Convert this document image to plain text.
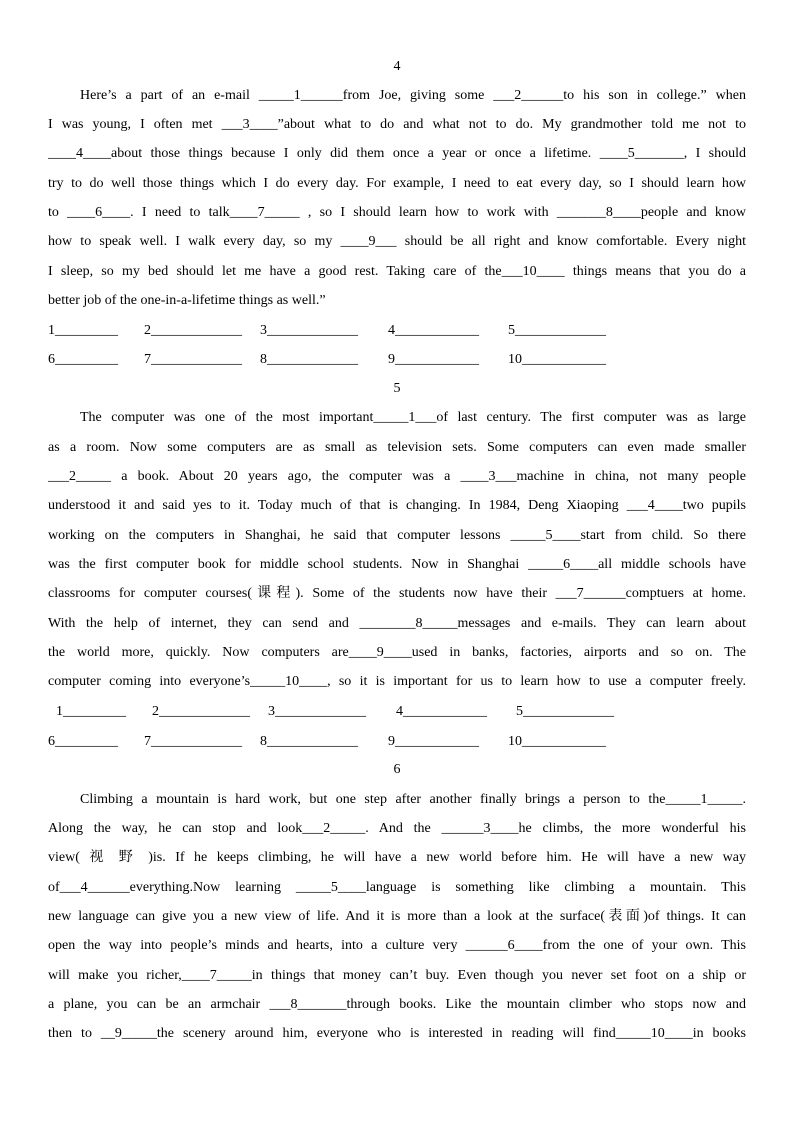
4
Here’s a part of an e-mail _____1______from Joe, giving some ___2______to his son in college.” when
I was young, I often met ___3____”about what to do and what not to do. My grandmother told me not to
____4____about those things because I only did them once a year or once a lifetime. ____5_______, I should
try to do well those things which I do every day. For example, I need to eat every day, so I should learn how
to ____6____. I need to talk____7_____ , so I should learn how to work with _______8____people and know
how to speak well. I walk every day, so my ____9___ should be all right and know comfortable. Every night
I sleep, so my bed should let me have a good rest. Taking care of the___10____ things means that you do a
better job of the one-in-a-lifetime things as well.”
1_________ 2_____________ 3_____________ 4____________ 5_____________
6_________ 7_____________ 8_____________ 9____________ 10____________
5
The computer was one of the most important_____1___of last century. The first computer was as large
as a room. Now some computers are as small as television sets. Some computers can even made smaller
___2_____ a book. About 20 years ago, the computer was a ____3___machine in china, not many people
understood it and said yes to it. Today much of that is changing. In 1984, Deng Xiaoping ___4____two pupils
working on the computers in Shanghai, he said that computer lessons _____5____start from child. So there
was the first computer book for middle school students. Now in Shanghai _____6____all middle schools have
classrooms for computer courses(课程). Some of the students now have their ___7______comptuers at home.
With the help of internet, they can send and ________8_____messages and e-mails. They can learn about
the world more, quickly. Now computers are____9____used in banks, factories, airports and so on. The
computer coming into everyone’s_____10____, so it is important for us to learn how to use a computer freely.
1_________ 2_____________ 3_____________ 4____________ 5_____________
6_________ 7_____________ 8_____________ 9____________ 10____________
6
Climbing a mountain is hard work, but one step after another finally brings a person to the_____1_____.
Along the way, he can stop and look___2_____. And the ______3____he climbs, the more wonderful his
view( 视 野 )is. If he keeps climbing, he will have a new world before him. He will have a new way
of___4______everything.Now learning _____5____language is something like climbing a mountain. This
new language can give you a new view of life. And it is more than a look at the surface(表面)of things. It can
open the way into people’s minds and hearts, into a culture very ______6____from the one of your own. This
will make you richer,____7_____in things that money can’t buy. Even though you never set foot on a ship or
a plane, you can be an armchair ___8_______through books. Like the mountain climber who stops now and
then to __9_____the scenery around him, everyone who is interested in reading will find_____10____in books
